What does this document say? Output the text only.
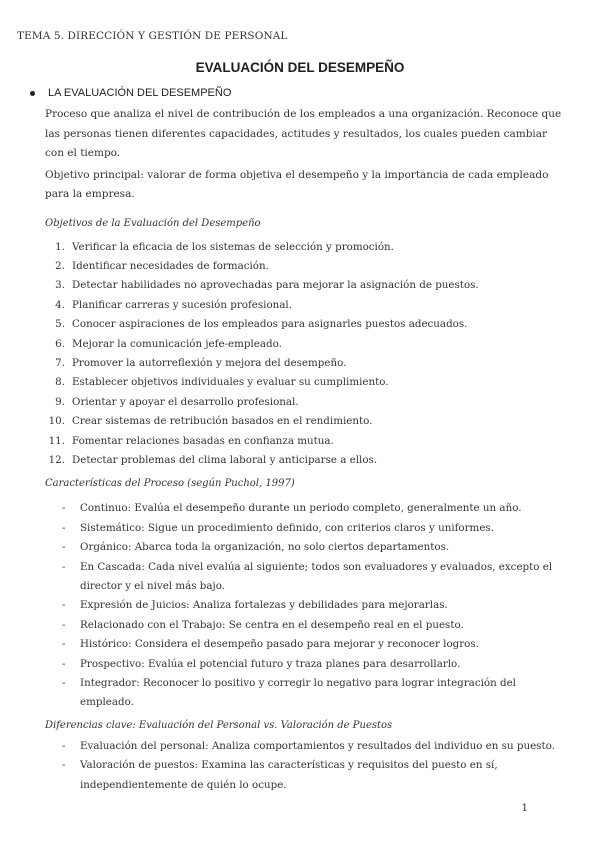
TEMA 5. DIRECCIÓN Y GESTIÓN DE PERSONAL
EVALUACIÓN DEL DESEMPEÑO
LA EVALUACIÓN DEL DESEMPEÑO
Proceso que analiza el nivel de contribución de los empleados a una organización. Reconoce que las personas tienen diferentes capacidades, actitudes y resultados, los cuales pueden cambiar con el tiempo.
Objetivo principal: valorar de forma objetiva el desempeño y la importancia de cada empleado para la empresa.
Objetivos de la Evaluación del Desempeño
1. Verificar la eficacia de los sistemas de selección y promoción.
2. Identificar necesidades de formación.
3. Detectar habilidades no aprovechadas para mejorar la asignación de puestos.
4. Planificar carreras y sucesión profesional.
5. Conocer aspiraciones de los empleados para asignarles puestos adecuados.
6. Mejorar la comunicación jefe-empleado.
7. Promover la autorreflexión y mejora del desempeño.
8. Establecer objetivos individuales y evaluar su cumplimiento.
9. Orientar y apoyar el desarrollo profesional.
10. Crear sistemas de retribución basados en el rendimiento.
11. Fomentar relaciones basadas en confianza mutua.
12. Detectar problemas del clima laboral y anticiparse a ellos.
Características del Proceso (según Puchol, 1997)
-	Continuo: Evalúa el desempeño durante un periodo completo, generalmente un año.
-	Sistemático: Sigue un procedimiento definido, con criterios claros y uniformes.
-	Orgánico: Abarca toda la organización, no solo ciertos departamentos.
-	En Cascada: Cada nivel evalúa al siguiente; todos son evaluadores y evaluados, excepto el director y el nivel más bajo.
-	Expresión de Juicios: Analiza fortalezas y debilidades para mejorarlas.
-	Relacionado con el Trabajo: Se centra en el desempeño real en el puesto.
-	Histórico: Considera el desempeño pasado para mejorar y reconocer logros.
-	Prospectivo: Evalúa el potencial futuro y traza planes para desarrollarlo.
-	Integrador: Reconocer lo positivo y corregir lo negativo para lograr integración del empleado.
Diferencias clave: Evaluación del Personal vs. Valoración de Puestos
-	Evaluación del personal: Analiza comportamientos y resultados del individuo en su puesto.
-	Valoración de puestos: Examina las características y requisitos del puesto en sí, independientemente de quién lo ocupe.
1
